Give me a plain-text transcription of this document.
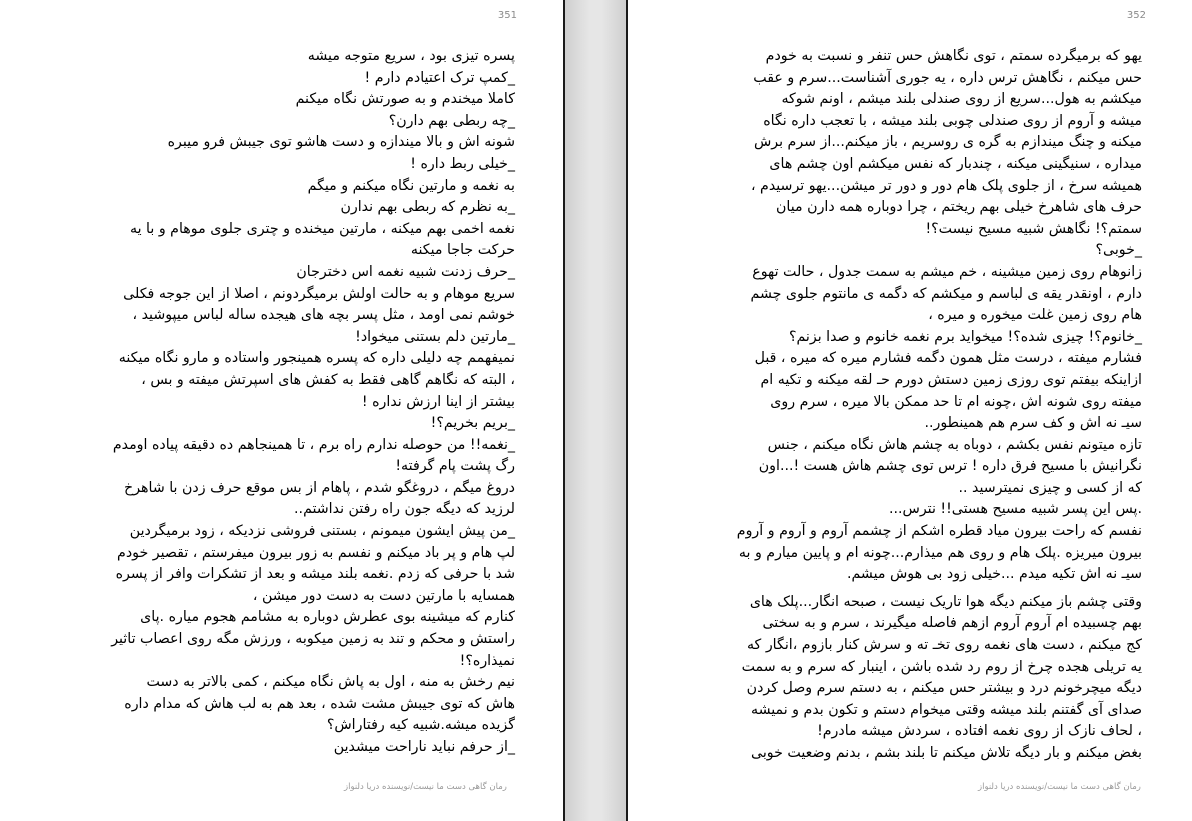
351
پسره تیزی بود ، سریع متوجه میشه
_کمپ ترک اعتیادم دارم !
کاملا میخندم و به صورتش نگاه میکنم
_چه ربطی بهم دارن؟
شونه اش و بالا میندازه و دست هاشو توی جیبش فرو میبره
_خیلی ربط داره !
به نغمه و مارتین نگاه میکنم و میگم
_به نظرم که ربطی بهم ندارن
نغمه اخمی بهم میکنه ، مارتین میخنده و چتری جلوی موهام و با یه
حرکت جاجا میکنه
_حرف زدنت شبیه نغمه اس دخترجان
سریع موهام و به حالت اولش برمیگردونم ، اصلا از این جوجه فکلی
خوشم نمی اومد ، مثل پسر بچه های هیجده ساله لباس میپوشید ،
_مارتین دلم بستنی میخواد!
نمیفهمم چه دلیلی داره که پسره همینجور واستاده و مارو نگاه میکنه
، البته که نگاهم گاهی فقط به کفش های اسپرتش میفته و بس ،
بیشتر از اینا ارزش نداره !
_بریم بخریم؟!
_نغمه!! من حوصله ندارم راه برم ، تا همینجاهم ده دقیقه پیاده اومدم
رگ پشت پام گرفته!
دروغ میگم ، دروغگو شدم ، پاهام از بس موقع حرف زدن با شاهرخ
لرزید که دیگه جون راه رفتن نداشتم..
_من پیش ایشون میمونم ، بستنی فروشی نزدیکه ، زود برمیگردین
لپ هام و پر باد میکنم و نفسم به زور بیرون میفرستم ، تقصیر خودم
شد با حرفی که زدم .نغمه بلند میشه و بعد از تشکرات وافر از پسره
همسایه با مارتین دست به دست دور میشن ،
کنارم که میشینه بوی عطرش دوباره به مشامم هجوم میاره .پای
راستش و محکم و تند به زمین میکوبه ، ورزش مگه روی اعصاب تاثیر
نمیذاره؟!
نیم رخش به منه ، اول به پاش نگاه میکنم ، کمی بالاتر به دست
هاش که توی جیبش مشت شده ، بعد هم به لب هاش که مدام داره
گزیده میشه.شبیه کیه رفتاراش؟
_از حرفم نباید ناراحت میشدین
رمان گاهی دست ما نیست/نویسنده دریا دلنواز
352
یهو که برمیگرده سمتم ، توی نگاهش حس تنفر و نسبت به خودم
حس میکنم ، نگاهش ترس داره ، یه جوری آشناست...سرم و عقب
میکشم به هول...سریع از روی صندلی بلند میشم ، اونم شوکه
میشه و آروم از روی صندلی چوبی بلند میشه ، با تعجب داره نگاه
میکنه و چنگ میندازم به گره ی روسریم ، باز میکنم...از سرم برش
میداره ، سنیگینی میکنه ، چندبار که نفس میکشم اون چشم های
همیشه سرخ ، از جلوی پلک هام دور و دور تر میشن...یهو ترسیدم ،
حرف های شاهرخ خیلی بهم ریختم ، چرا دوباره همه دارن میان
سمتم؟! نگاهش شبیه مسیح نیست؟!
_خوبی؟
زانوهام روی زمین میشینه ، خم میشم به سمت جدول ، حالت تهوع
دارم ، اونقدر یقه ی لباسم و میکشم که دگمه ی مانتوم جلوی چشم
هام روی زمین غلت میخوره و میره ،
_خانوم؟! چیزی شده؟! میخواید برم نغمه خانوم و صدا بزنم؟
فشارم میفته ، درست مثل همون دگمه فشارم میره که میره ، قبل
ازاینکه بیفتم توی روزی زمین دستش دورم حـ لقه میکنه و تکیه ام
میفته روی شونه اش ،چونه ام تا حد ممکن بالا میره ، سرم روی
سیـ نه اش و کف سرم هم همینطور..
تازه میتونم نفس بکشم ، دوباه به چشم هاش نگاه میکنم ، جنس
نگرانیش با مسیح فرق داره ! ترس توی چشم هاش هست !...اون
که از کسی و چیزی نمیترسید ..
.پس این پسر شبیه مسیح هستی!! نترس...
نفسم که راحت بیرون میاد قطره اشکم از چشمم آروم و آروم و آروم
بیرون میریزه .پلک هام و روی هم میذارم...چونه ام و پایین میارم و به
سیـ نه اش تکیه میدم ...خیلی زود بی هوش میشم.
وقتی چشم باز میکنم دیگه هوا تاریک نیست ، صبحه انگار...پلک های
بهم چسبیده ام آروم آروم ازهم فاصله میگیرند ، سرم و به سختی
کج میکنم ، دست های نغمه روی تخـ ته و سرش کنار بازوم ،انگار که
یه تریلی هجده چرخ از روم رد شده باشن ، اینبار که سرم و به سمت
دیگه میچرخونم درد و بیشتر حس میکنم ، به دستم سرم وصل کردن
صدای آی گفتنم بلند میشه وقتی میخوام دستم و تکون بدم و نمیشه
، لحاف نازک از روی نغمه افتاده ، سردش میشه مادرم!
بغض میکنم و بار دیگه تلاش میکنم تا بلند بشم ، بدنم وضعیت خوبی
رمان گاهی دست ما نیست/نویسنده دریا دلنواز
